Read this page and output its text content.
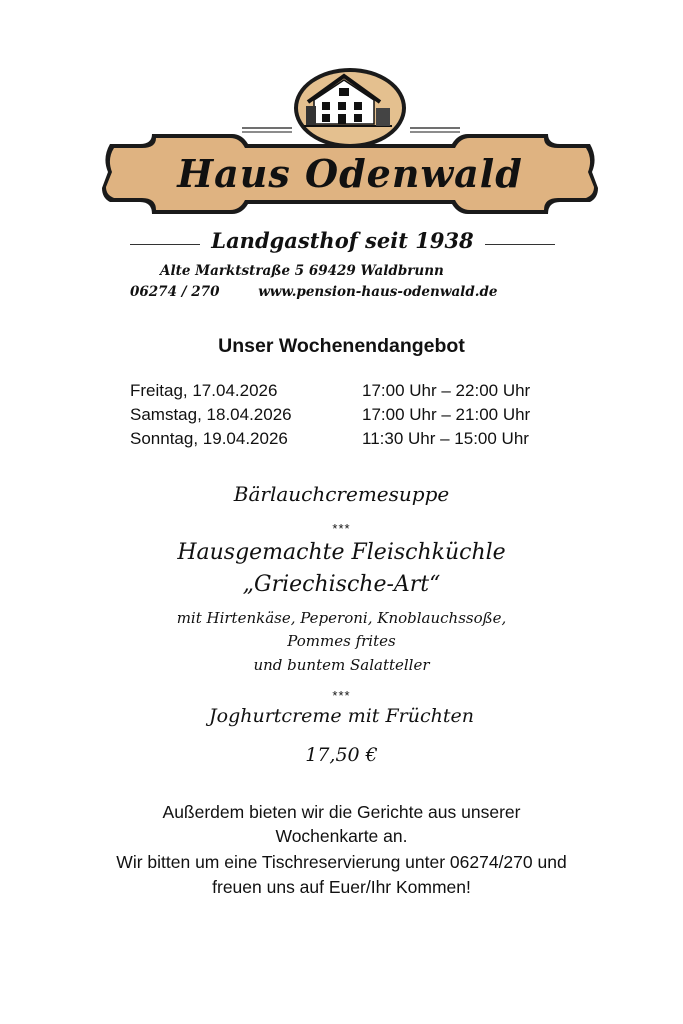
Haus Odenwald
Landgasthof seit 1938
Alte Marktstraße 5 69429 Waldbrunn
06274 / 270	www.pension-haus-odenwald.de
Unser Wochenendangebot
Freitag, 17.04.2026	17:00 Uhr – 22:00 Uhr
Samstag, 18.04.2026	17:00 Uhr – 21:00 Uhr
Sonntag, 19.04.2026	11:30 Uhr – 15:00 Uhr
Bärlauchcremesuppe
***
Hausgemachte Fleischküchle
„Griechische-Art“
mit Hirtenkäse, Peperoni, Knoblauchssoße,
Pommes frites
und buntem Salatteller
***
Joghurtcreme mit Früchten
17,50 €
Außerdem bieten wir die Gerichte aus unserer
Wochenkarte an.
Wir bitten um eine Tischreservierung unter 06274/270 und
freuen uns auf Euer/Ihr Kommen!
